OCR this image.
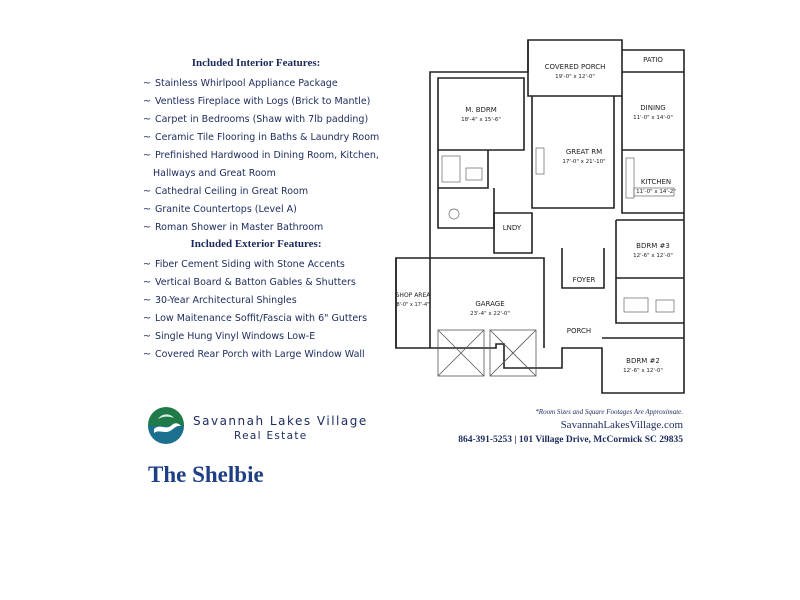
Included Interior Features:
~ Stainless Whirlpool Appliance Package
~ Ventless Fireplace with Logs (Brick to Mantle)
~ Carpet in Bedrooms (Shaw with 7lb padding)
~ Ceramic Tile Flooring in Baths & Laundry Room
~ Prefinished Hardwood in Dining Room, Kitchen,
Hallways and Great Room
~ Cathedral Ceiling in Great Room
~ Granite Countertops (Level A)
~ Roman Shower in Master Bathroom
Included Exterior Features:
~ Fiber Cement Siding with Stone Accents
~ Vertical Board & Batton Gables & Shutters
~ 30-Year Architectural Shingles
~ Low Maitenance Soffit/Fascia with 6" Gutters
~ Single Hung Vinyl Windows Low-E
~ Covered Rear Porch with Large Window Wall
Savannah Lakes Village
Real Estate
The Shelbie
*Room Sizes and Square Footages Are Approximate.
SavannahLakesVillage.com
864-391-5253 | 101 Village Drive, McCormick SC 29835
COVERED PORCH
19'-0" x 12'-0"
PATIO
M. BDRM
18'-4" x 15'-6"
GREAT RM
17'-0" x 21'-10"
DINING
11'-0" x 14'-0"
KITCHEN
11'-0" x 14'-2"
LNDY
BDRM #3
12'-6" x 12'-0"
FOYER
SHOP AREA
8'-0" x 17'-4"	GARAGE
23'-4" x 22'-0"
PORCH
BDRM #2
12'-6" x 12'-0"
